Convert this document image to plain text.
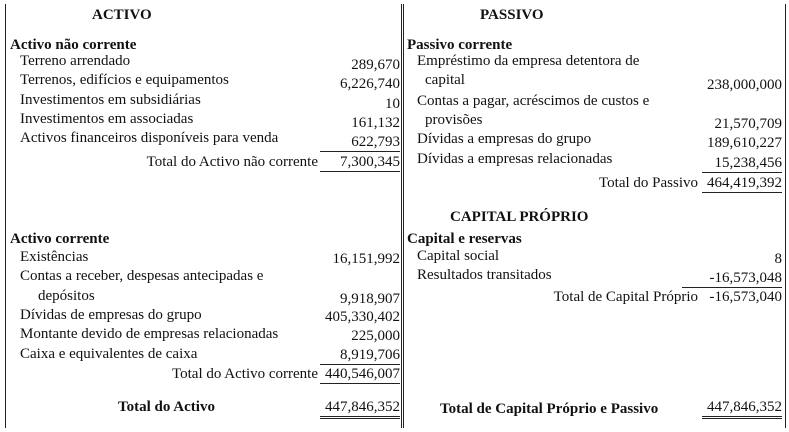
ACTIVO
Activo não corrente
Terreno arrendado	289,670
Terrenos, edifícios e equipamentos	6,226,740
Investimentos em subsidiárias	10
Investimentos em associadas	161,132
Activos financeiros disponíveis para venda	622,793
Total do Activo não corrente	7,300,345
Activo corrente
Existências	16,151,992
Contas a receber, despesas antecipadas e
depósitos	9,918,907
Dívidas de empresas do grupo	405,330,402
Montante devido de empresas relacionadas	225,000
Caixa e equivalentes de caixa	8,919,706
Total do Activo corrente 440,546,007
Total do Activo	447,846,352
PASSIVO
Passivo corrente
Empréstimo da empresa detentora de
capital	238,000,000
Contas a pagar, acréscimos de custos e
provisões	21,570,709
Dívidas a empresas do grupo	189,610,227
Dívidas a empresas relacionadas	15,238,456
Total do Passivo 464,419,392
CAPITAL PRÓPRIO
Capital e reservas
Capital social	8
Resultados transitados	-16,573,048
Total de Capital Próprio -16,573,040
Total de Capital Próprio e Passivo	447,846,352
